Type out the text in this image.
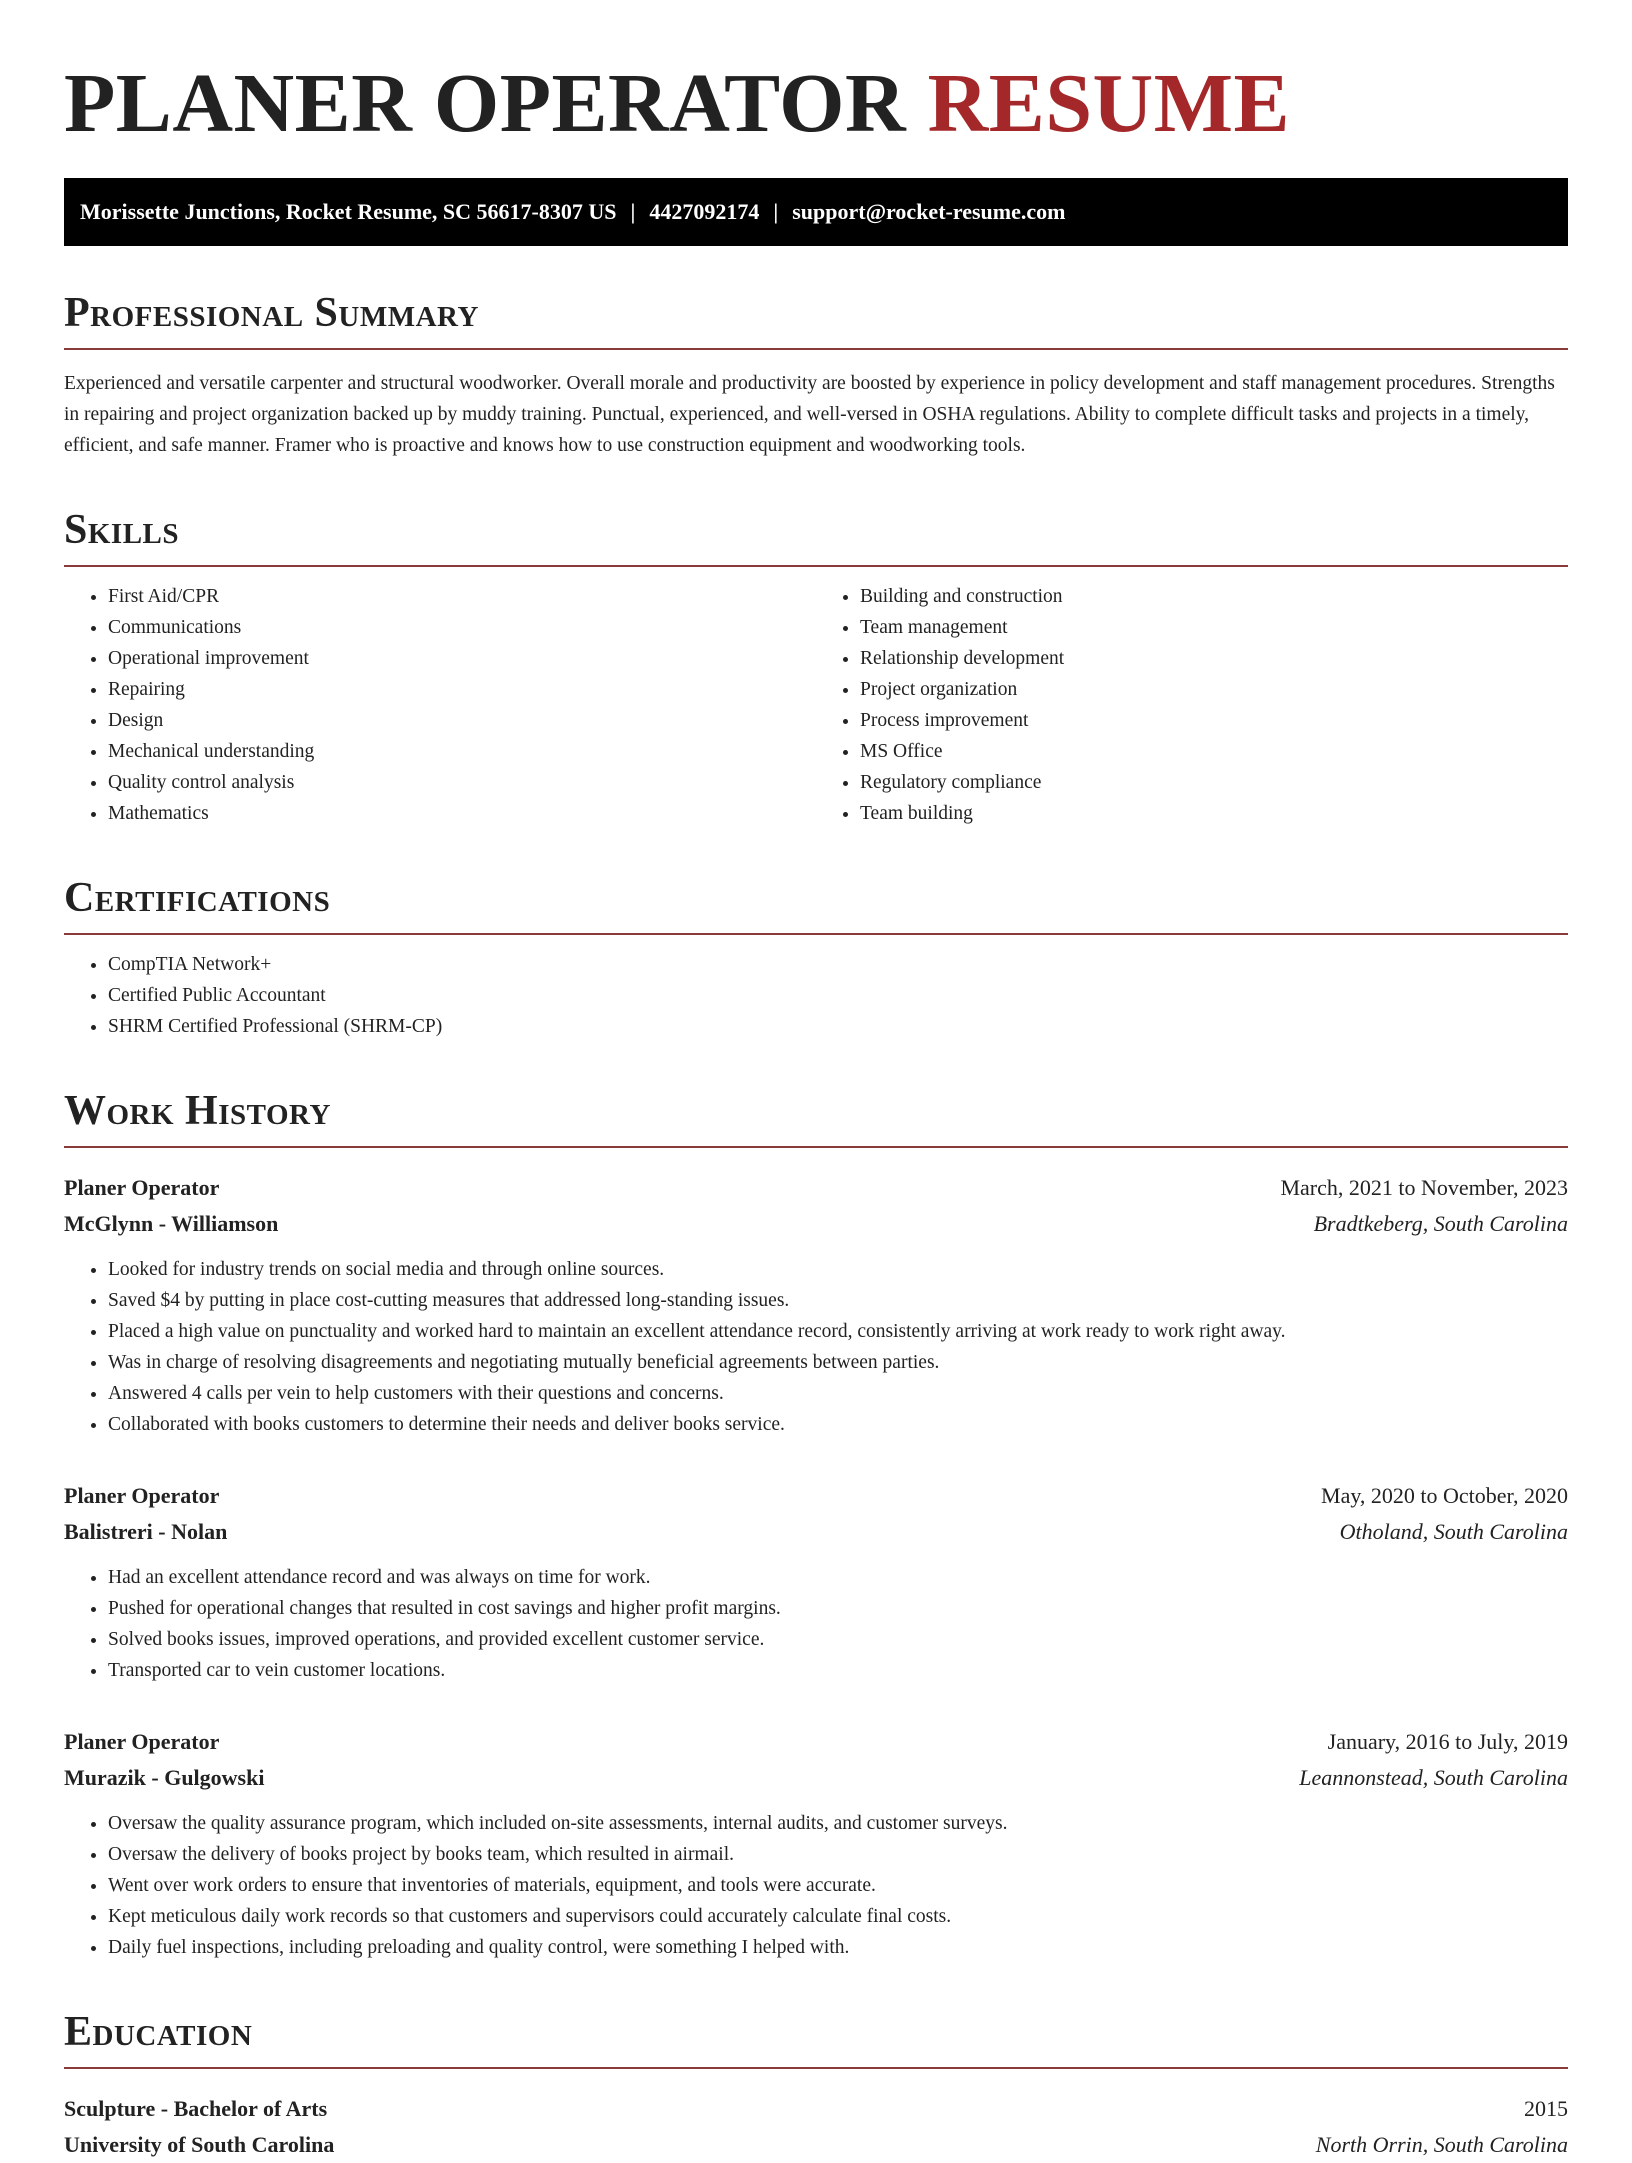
PLANER OPERATOR RESUME
Morissette Junctions, Rocket Resume, SC 56617-8307 US | 4427092174 | support@rocket-resume.com
Professional Summary

Experienced and versatile carpenter and structural woodworker. Overall morale and productivity are boosted by experience in policy development and staff management procedures. Strengths in repairing and project organization backed up by muddy training. Punctual, experienced, and well-versed in OSHA regulations. Ability to complete difficult tasks and projects in a timely, efficient, and safe manner. Framer who is proactive and knows how to use construction equipment and woodworking tools.

Skills
• First Aid/CPR
• Communications
• Operational improvement
• Repairing
• Design
• Mechanical understanding
• Quality control analysis
• Mathematics
• Building and construction
• Team management
• Relationship development
• Project organization
• Process improvement
• MS Office
• Regulatory compliance
• Team building
Certifications
• CompTIA Network+
• Certified Public Accountant
• SHRM Certified Professional (SHRM-CP)
Work History
Planer Operator	March, 2021 to November, 2023
McGlynn - Williamson	Bradtkeberg, South Carolina
• Looked for industry trends on social media and through online sources.
• Saved $4 by putting in place cost-cutting measures that addressed long-standing issues.
• Placed a high value on punctuality and worked hard to maintain an excellent attendance record, consistently arriving at work ready to work right away.
• Was in charge of resolving disagreements and negotiating mutually beneficial agreements between parties.
• Answered 4 calls per vein to help customers with their questions and concerns.
• Collaborated with books customers to determine their needs and deliver books service.
Planer Operator	May, 2020 to October, 2020
Balistreri - Nolan	Otholand, South Carolina
• Had an excellent attendance record and was always on time for work.
• Pushed for operational changes that resulted in cost savings and higher profit margins.
• Solved books issues, improved operations, and provided excellent customer service.
• Transported car to vein customer locations.
Planer Operator	January, 2016 to July, 2019
Murazik - Gulgowski	Leannonstead, South Carolina
• Oversaw the quality assurance program, which included on-site assessments, internal audits, and customer surveys.
• Oversaw the delivery of books project by books team, which resulted in airmail.
• Went over work orders to ensure that inventories of materials, equipment, and tools were accurate.
• Kept meticulous daily work records so that customers and supervisors could accurately calculate final costs.
• Daily fuel inspections, including preloading and quality control, were something I helped with.
Education
Sculpture - Bachelor of Arts	2015
University of South Carolina	North Orrin, South Carolina
